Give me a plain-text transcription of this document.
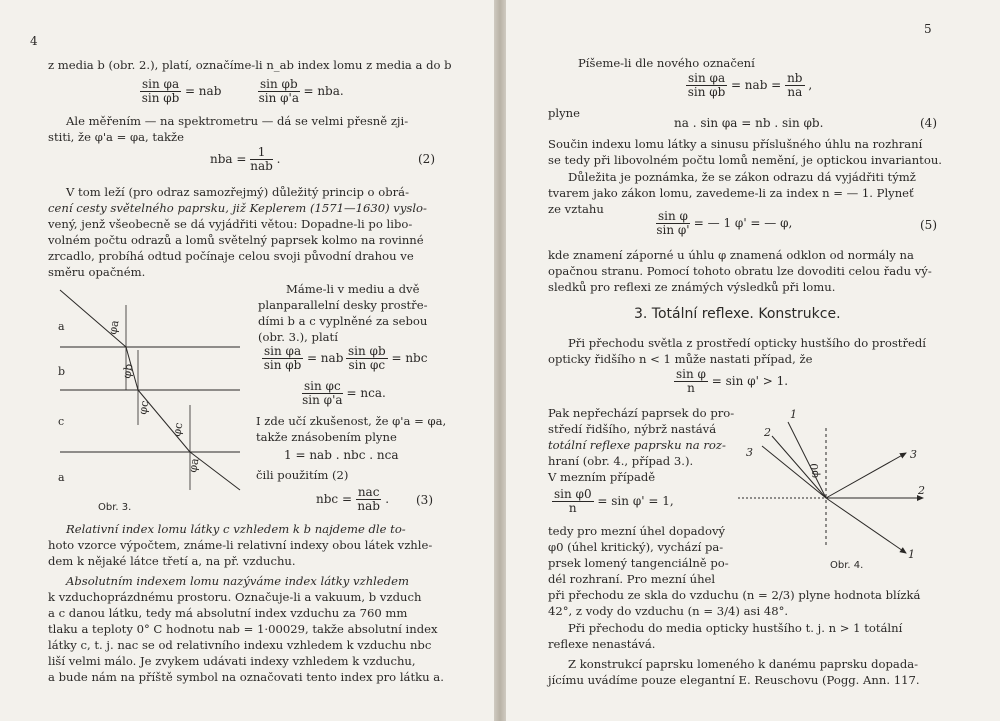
4
z media b (obr. 2.), platí, označíme-li n_ab index lomu z media a do b
$\frac{\text{sin φa}}{\text{sin φb}}$ = nab	$\frac{\text{sin φb}}{\text{sin φ'a}}$ = nba.
Ale měřením — na spektrometru — dá se velmi přesně zji-
stiti, že φ'a = φa, takže
nba = $\frac{1}{\text{nab}}$ .	(2)
V tom leží (pro odraz samozřejmý) důležitý princip o obrá-
cení cesty světelného paprsku, již Keplerem (1571—1630) vyslo-
vený, jenž všeobecně se dá vyjádřiti větou: Dopadne-li po libo-
volném počtu odrazů a lomů světelný paprsek kolmo na rovinné
zrcadlo, probíhá odtud počínaje celou svoji původní drahou ve
směru opačném.
Máme-li v mediu a dvě
planparallelní desky prostře-
dími b a c vyplněné za sebou
(obr. 3.), platí
$\frac{\text{sin φa}}{\text{sin φb}}$ = nab $\frac{\text{sin φb}}{\text{sin φc}}$ = nbc
$\frac{\text{sin φc}}{\text{sin φ'a}}$ = nca.
I zde učí zkušenost, že φ'a = φa,
takže znásobením plyne
1 = nab . nbc . nca
čili použitím (2)
nbc = $\frac{\text{nac}}{\text{nab}}$ . (3)
a
b
c
a
φa
φb
φc
φc
φa
Obr. 3.
Relativní index lomu látky c vzhledem k b najdeme dle to-
hoto vzorce výpočtem, známe-li relativní indexy obou látek vzhle-
dem k nějaké látce třetí a, na př. vzduchu.
Absolutním indexem lomu nazýváme index látky vzhledem
k vzduchoprázdnému prostoru. Označuje-li a vakuum, b vzduch
a c danou látku, tedy má absolutní index vzduchu za 760 mm
tlaku a teploty 0° C hodnotu nab = 1·00029, takže absolutní index
látky c, t. j. nac se od relativního indexu vzhledem k vzduchu nbc
liší velmi málo. Je zvykem udávati indexy vzhledem k vzduchu,
a bude nám na příště symbol na označovati tento index pro látku a.
5
Píšeme-li dle nového označení
$\frac{\text{sin φa}}{\text{sin φb}}$ = nab = $\frac{nb}{na}$ ,
plyne
na . sin φa = nb . sin φb.	(4)
Součin indexu lomu látky a sinusu příslušného úhlu na rozhraní
se tedy při libovolném počtu lomů nemění, je optickou invariantou.
Důležita je poznámka, že se zákon odrazu dá vyjádřiti týmž
tvarem jako zákon lomu, zavedeme-li za index n = — 1. Plyneť
ze vztahu
$\frac{\text{sin φ}}{\text{sin φ'}}$ = — 1 φ' = — φ,	(5)
kde znamení záporné u úhlu φ znamená odklon od normály na
opačnou stranu. Pomocí tohoto obratu lze dovoditi celou řadu vý-
sledků pro reflexi ze známých výsledků při lomu.
3. Totální reflexe. Konstrukce.
Při přechodu světla z prostředí opticky hustšího do prostředí
opticky řidšího n < 1 může nastati případ, že
$\frac{\text{sin φ}}{n} = \sin \varphi' > 1$.
Pak nepřechází paprsek do pro-
středí řidšího, nýbrž nastává
totální reflexe paprsku na roz-
hraní (obr. 4., případ 3.).
V mezním případě
$\frac{\text{sin φ0}}{n} = \sin \varphi' = 1$,
tedy pro mezní úhel dopadový
φ0 (úhel kritický), vychází pa-
prsek lomený tangenciálně po-
dél rozhraní. Pro mezní úhel
1
2
3	3
2
1
φ0
Obr. 4.
při přechodu ze skla do vzduchu (n = 2/3) plyne hodnota blízká
42°, z vody do vzduchu (n = 3/4) asi 48°.
Při přechodu do media opticky hustšího t. j. n > 1 totální
reflexe nenastává.
Z konstrukcí paprsku lomeného k danému paprsku dopada-
jícímu uvádíme pouze elegantní E. Reuschovu (Pogg. Ann. 117.
